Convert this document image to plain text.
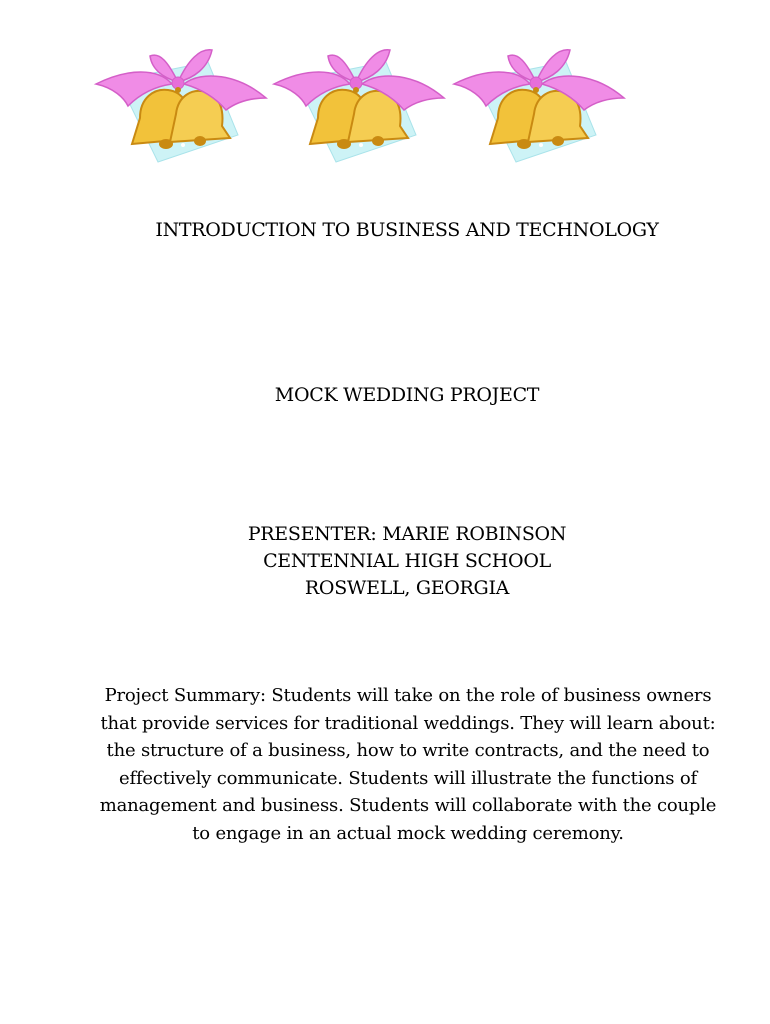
INTRODUCTION TO BUSINESS AND TECHNOLOGY
MOCK WEDDING PROJECT
PRESENTER: MARIE ROBINSON
CENTENNIAL HIGH SCHOOL
ROSWELL, GEORGIA
Project Summary: Students will take on the role of business owners that provide services for traditional weddings. They will learn about: the structure of a business, how to write contracts, and the need to effectively communicate. Students will illustrate the functions of management and business. Students will collaborate with the couple to engage in an actual mock wedding ceremony.
